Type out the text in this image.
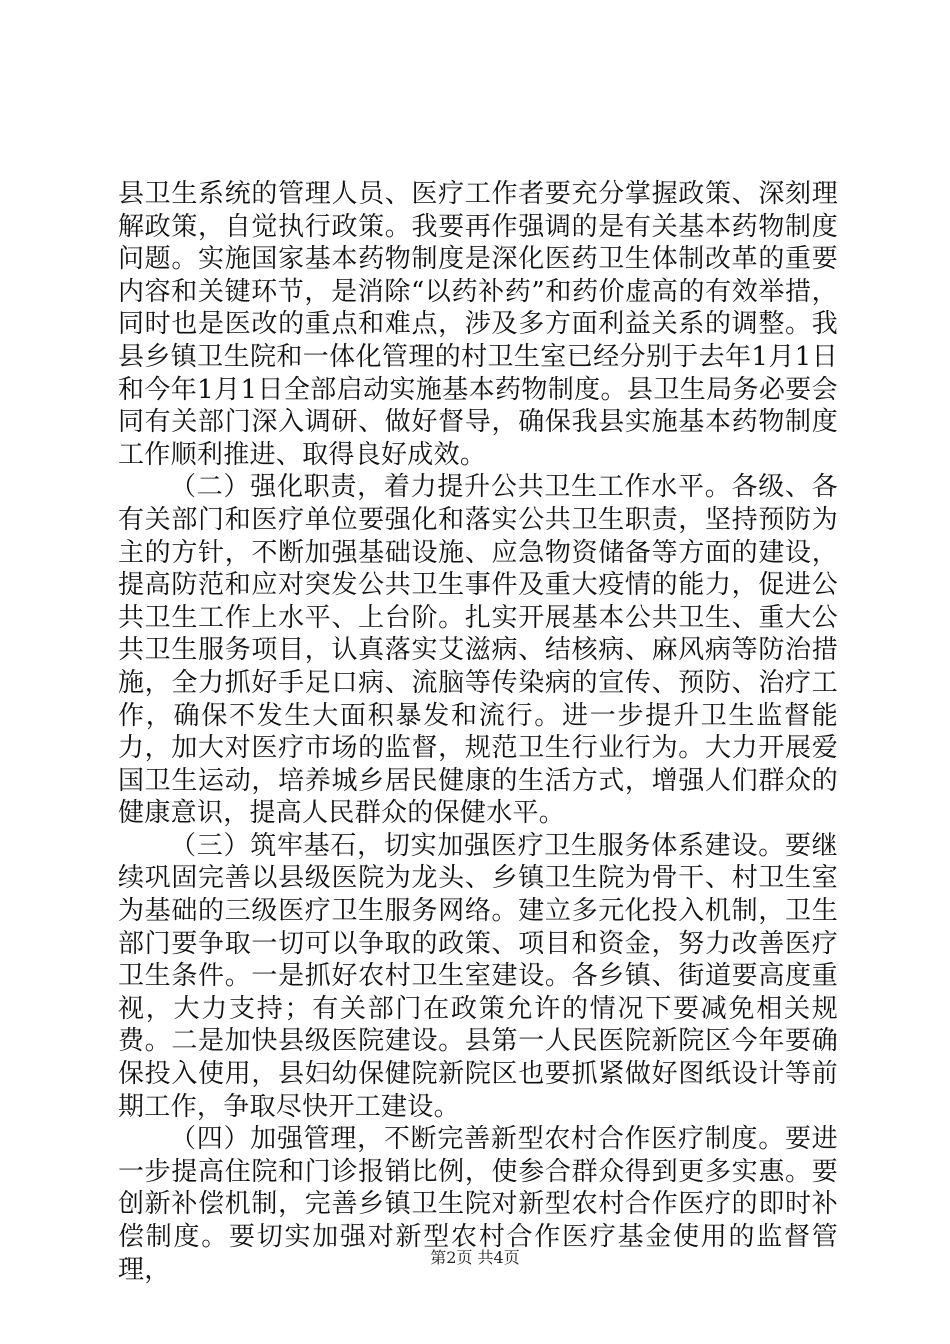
县卫生系统的管理人员、医疗工作者要充分掌握政策、深刻理解政策，自觉执行政策。我要再作强调的是有关基本药物制度问题。实施国家基本药物制度是深化医药卫生体制改革的重要内容和关键环节，是消除“以药补药”和药价虚高的有效举措，同时也是医改的重点和难点，涉及多方面利益关系的调整。我县乡镇卫生院和一体化管理的村卫生室已经分别于去年1月1日和今年1月1日全部启动实施基本药物制度。县卫生局务必要会同有关部门深入调研、做好督导，确保我县实施基本药物制度工作顺利推进、取得良好成效。

（二）强化职责，着力提升公共卫生工作水平。各级、各有关部门和医疗单位要强化和落实公共卫生职责，坚持预防为主的方针，不断加强基础设施、应急物资储备等方面的建设，提高防范和应对突发公共卫生事件及重大疫情的能力，促进公共卫生工作上水平、上台阶。扎实开展基本公共卫生、重大公共卫生服务项目，认真落实艾滋病、结核病、麻风病等防治措施，全力抓好手足口病、流脑等传染病的宣传、预防、治疗工作，确保不发生大面积暴发和流行。进一步提升卫生监督能力，加大对医疗市场的监督，规范卫生行业行为。大力开展爱国卫生运动，培养城乡居民健康的生活方式，增强人们群众的健康意识，提高人民群众的保健水平。

（三）筑牢基石，切实加强医疗卫生服务体系建设。要继续巩固完善以县级医院为龙头、乡镇卫生院为骨干、村卫生室为基础的三级医疗卫生服务网络。建立多元化投入机制，卫生部门要争取一切可以争取的政策、项目和资金，努力改善医疗卫生条件。一是抓好农村卫生室建设。各乡镇、街道要高度重视，大力支持；有关部门在政策允许的情况下要减免相关规费。二是加快县级医院建设。县第一人民医院新院区今年要确保投入使用，县妇幼保健院新院区也要抓紧做好图纸设计等前期工作，争取尽快开工建设。

（四）加强管理，不断完善新型农村合作医疗制度。要进一步提高住院和门诊报销比例，使参合群众得到更多实惠。要创新补偿机制，完善乡镇卫生院对新型农村合作医疗的即时补偿制度。要切实加强对新型农村合作医疗基金使用的监督管理，	第2页 共4页
